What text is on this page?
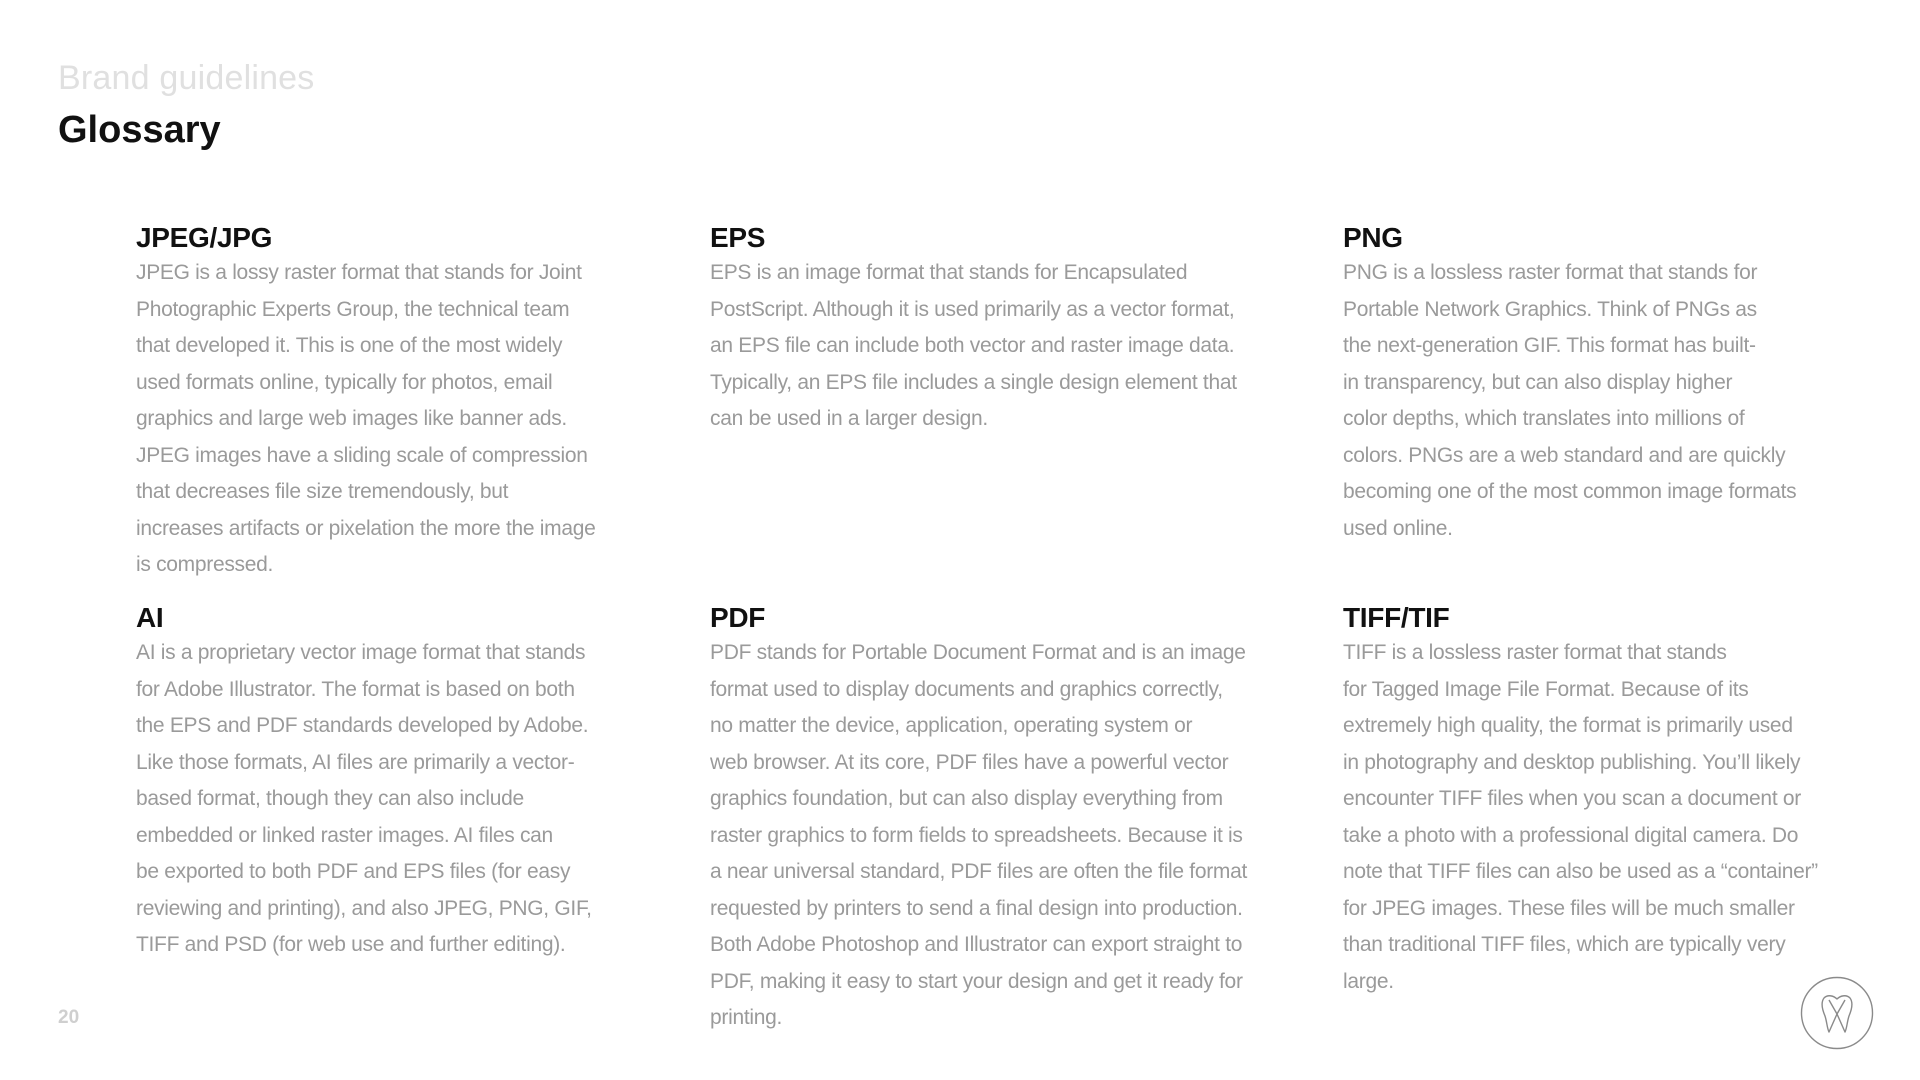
Brand guidelines
Glossary
JPEG/JPG

JPEG is a lossy raster format that stands for Joint
Photographic Experts Group, the technical team
that developed it. This is one of the most widely
used formats online, typically for photos, email
graphics and large web images like banner ads.
JPEG images have a sliding scale of compression
that decreases file size tremendously, but
increases artifacts or pixelation the more the image
is compressed.

EPS

EPS is an image format that stands for Encapsulated
PostScript. Although it is used primarily as a vector format,
an EPS file can include both vector and raster image data.
Typically, an EPS file includes a single design element that
can be used in a larger design.

PNG

PNG is a lossless raster format that stands for
Portable Network Graphics. Think of PNGs as
the next-generation GIF. This format has built-
in transparency, but can also display higher
color depths, which translates into millions of
colors. PNGs are a web standard and are quickly
becoming one of the most common image formats
used online.

AI

AI is a proprietary vector image format that stands
for Adobe Illustrator. The format is based on both
the EPS and PDF standards developed by Adobe.
Like those formats, AI files are primarily a vector-
based format, though they can also include
embedded or linked raster images. AI files can
be exported to both PDF and EPS files (for easy
reviewing and printing), and also JPEG, PNG, GIF,
TIFF and PSD (for web use and further editing).

PDF

PDF stands for Portable Document Format and is an image
format used to display documents and graphics correctly,
no matter the device, application, operating system or
web browser. At its core, PDF files have a powerful vector
graphics foundation, but can also display everything from
raster graphics to form fields to spreadsheets. Because it is
a near universal standard, PDF files are often the file format
requested by printers to send a final design into production.
Both Adobe Photoshop and Illustrator can export straight to
PDF, making it easy to start your design and get it ready for
printing.

TIFF/TIF

TIFF is a lossless raster format that stands
for Tagged Image File Format. Because of its
extremely high quality, the format is primarily used
in photography and desktop publishing. You’ll likely
encounter TIFF files when you scan a document or
take a photo with a professional digital camera. Do
note that TIFF files can also be used as a “container”
for JPEG images. These files will be much smaller
than traditional TIFF files, which are typically very
large.

20
